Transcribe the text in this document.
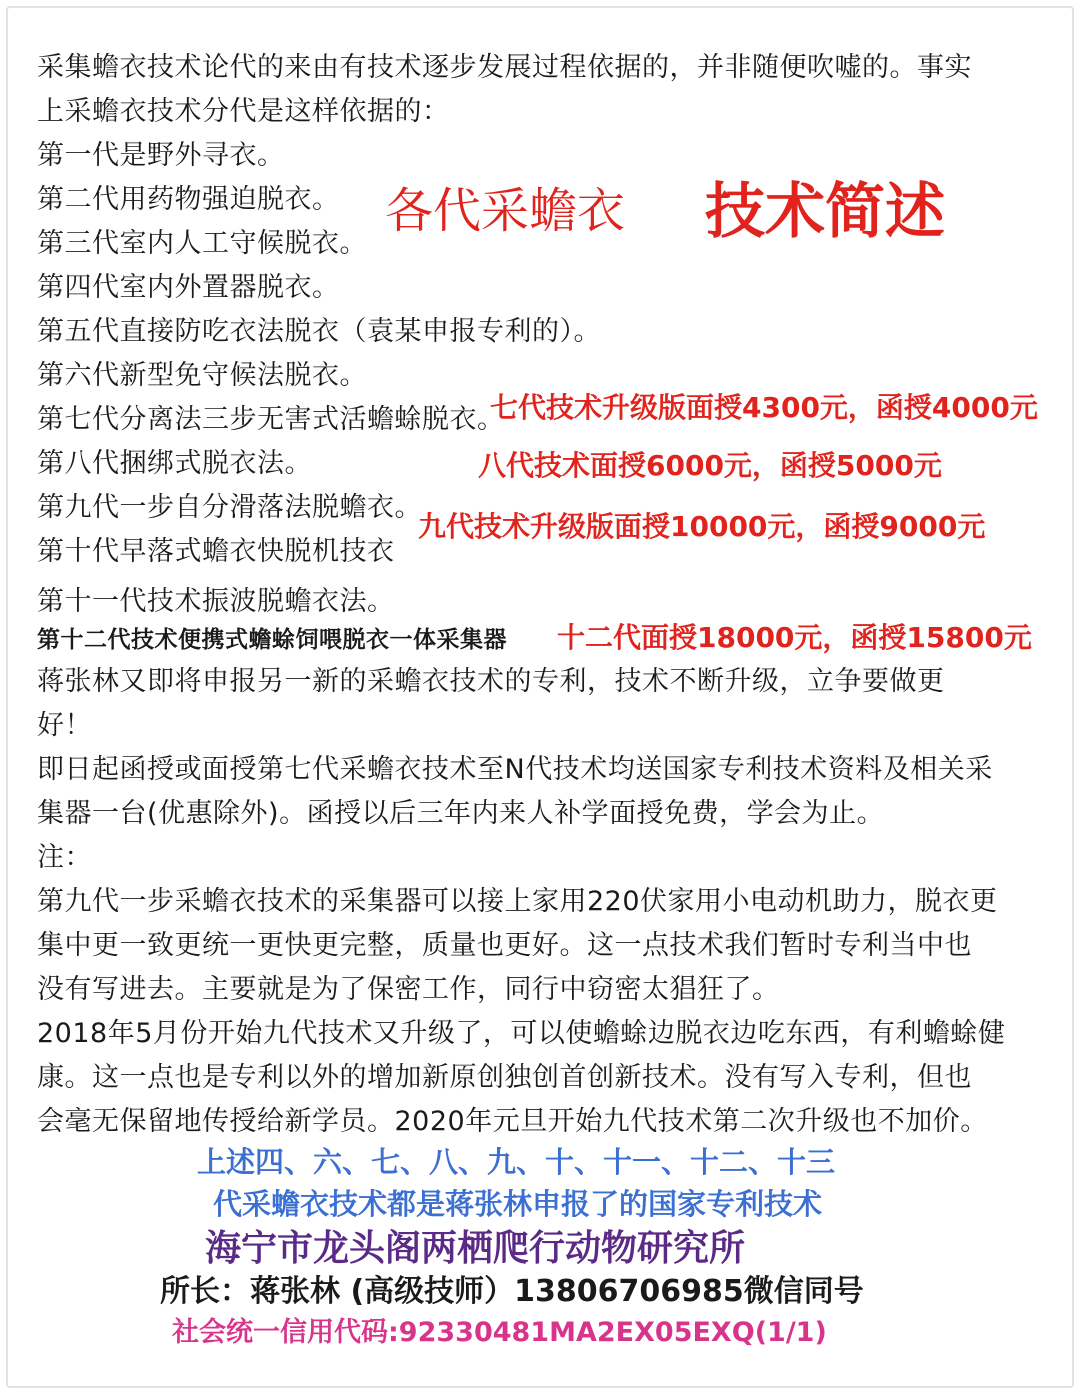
采集蟾衣技术论代的来由有技术逐步发展过程依据的，并非随便吹嘘的。事实

上采蟾衣技术分代是这样依据的：

各代采蟾衣 技术简述

第一代是野外寻衣。

第二代用药物强迫脱衣。

第三代室内人工守候脱衣。

第四代室内外置器脱衣。

第五代直接防吃衣法脱衣（袁某申报专利的）。

第六代新型免守候法脱衣。

第七代分离法三步无害式活蟾蜍脱衣。

第八代捆绑式脱衣法。

第九代一步自分滑落法脱蟾衣。

第十代早落式蟾衣快脱机技衣

第十一代技术振波脱蟾衣法。

第十二代技术便携式蟾蜍饲喂脱衣一体采集器

七代技术升级版面授4300元，函授4000元
八代技术面授6000元，函授5000元
九代技术升级版面授10000元，函授9000元
十二代面授18000元，函授15800元

蒋张林又即将申报另一新的采蟾衣技术的专利，技术不断升级，立争要做更

好！

即日起函授或面授第七代采蟾衣技术至N代技术均送国家专利技术资料及相关采

集器一台(优惠除外)。函授以后三年内来人补学面授免费，学会为止。

注：

第九代一步采蟾衣技术的采集器可以接上家用220伏家用小电动机助力，脱衣更

集中更一致更统一更快更完整，质量也更好。这一点技术我们暂时专利当中也

没有写进去。主要就是为了保密工作，同行中窃密太猖狂了。

2018年5月份开始九代技术又升级了，可以使蟾蜍边脱衣边吃东西，有利蟾蜍健

康。这一点也是专利以外的增加新原创独创首创新技术。没有写入专利，但也

会毫无保留地传授给新学员。2020年元旦开始九代技术第二次升级也不加价。

上述四、六、七、八、九、十、十一、十二、十三
代采蟾衣技术都是蒋张林申报了的国家专利技术
海宁市龙头阁两栖爬行动物研究所
所长：蒋张林 (高级技师）13806706985微信同号
社会统一信用代码:92330481MA2EX05EXQ(1/1)
